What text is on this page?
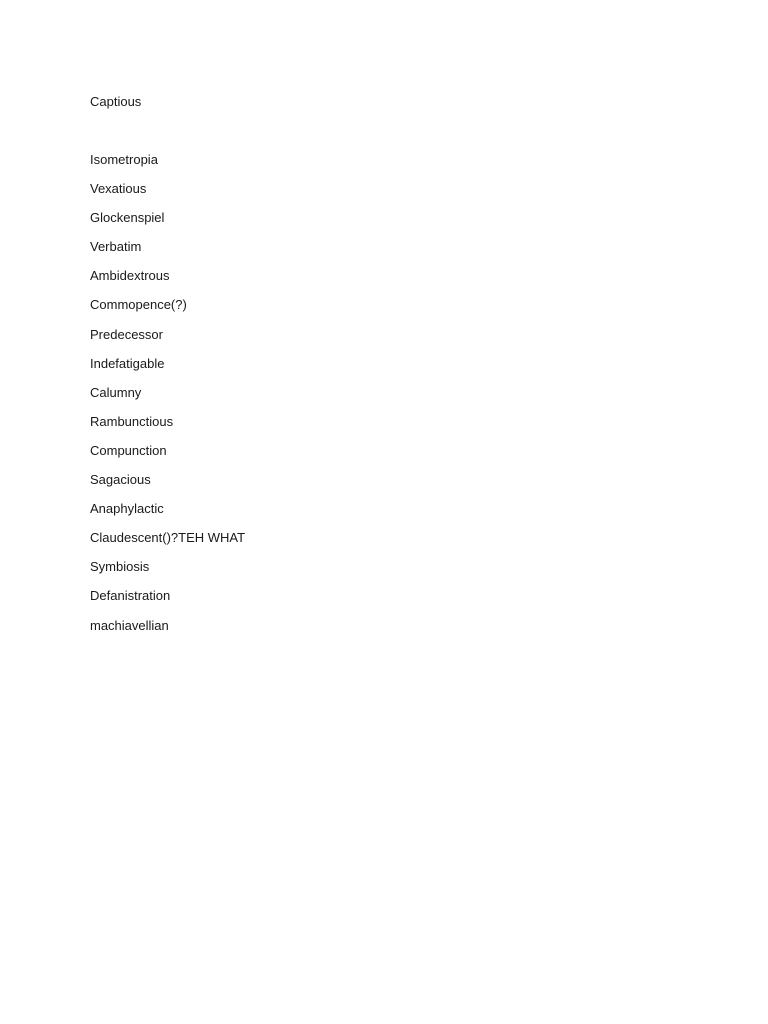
Captious

Isometropia
Vexatious
Glockenspiel
Verbatim
Ambidextrous
Commopence(?)
Predecessor
Indefatigable
Calumny
Rambunctious
Compunction
Sagacious
Anaphylactic
Claudescent()?TEH WHAT
Symbiosis
Defanistration
machiavellian
